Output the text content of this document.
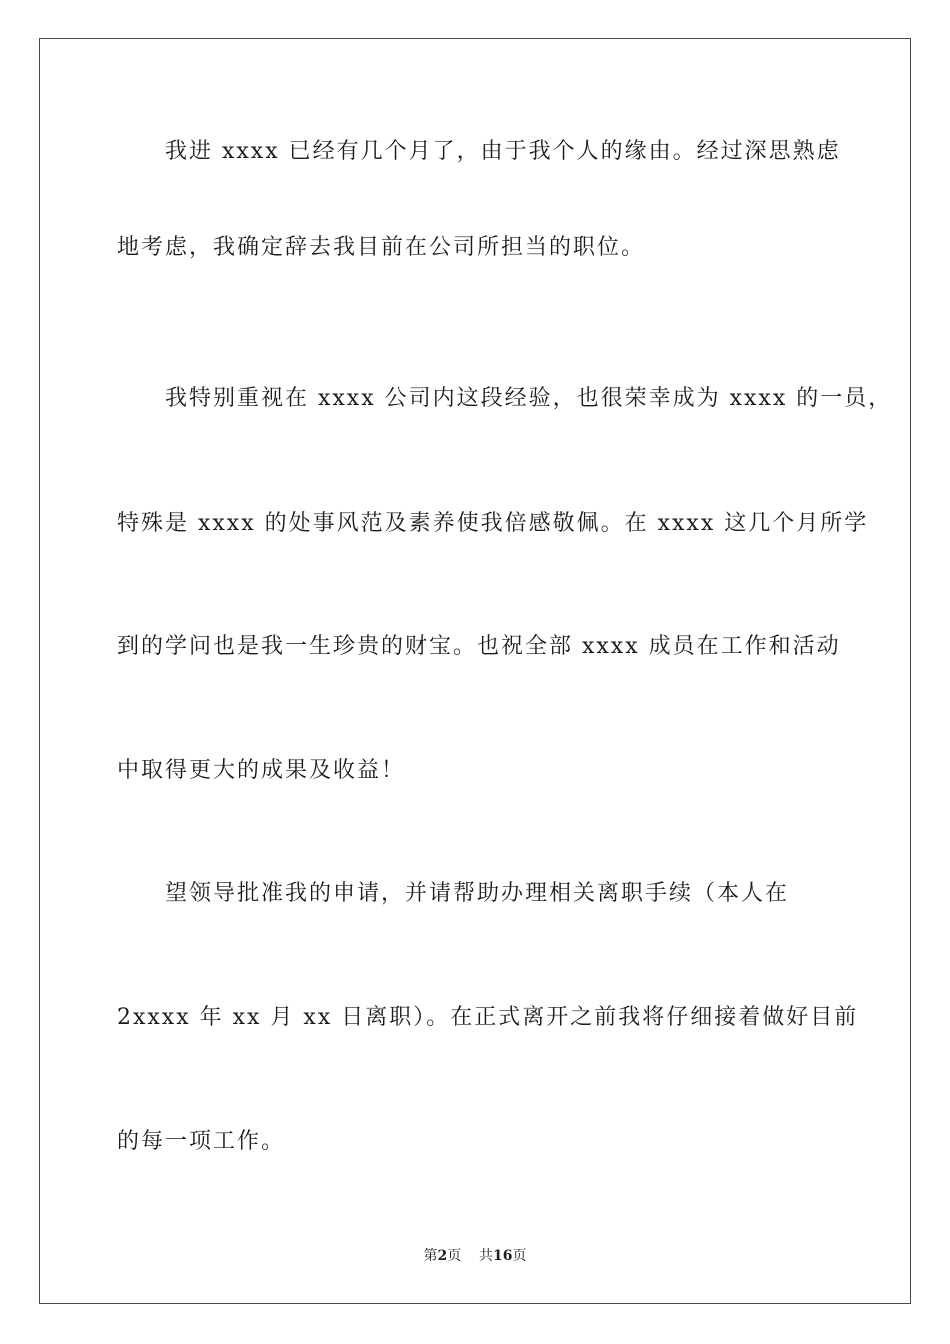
我进 xxxx 已经有几个月了，由于我个人的缘由。经过深思熟虑
地考虑，我确定辞去我目前在公司所担当的职位。
我特别重视在 xxxx 公司内这段经验，也很荣幸成为 xxxx 的一员，
特殊是 xxxx 的处事风范及素养使我倍感敬佩。在 xxxx 这几个月所学
到的学问也是我一生珍贵的财宝。也祝全部 xxxx 成员在工作和活动
中取得更大的成果及收益！
望领导批准我的申请，并请帮助办理相关离职手续（本人在
2xxxx 年 xx 月 xx 日离职）。在正式离开之前我将仔细接着做好目前
的每一项工作。
第2页 共16页
